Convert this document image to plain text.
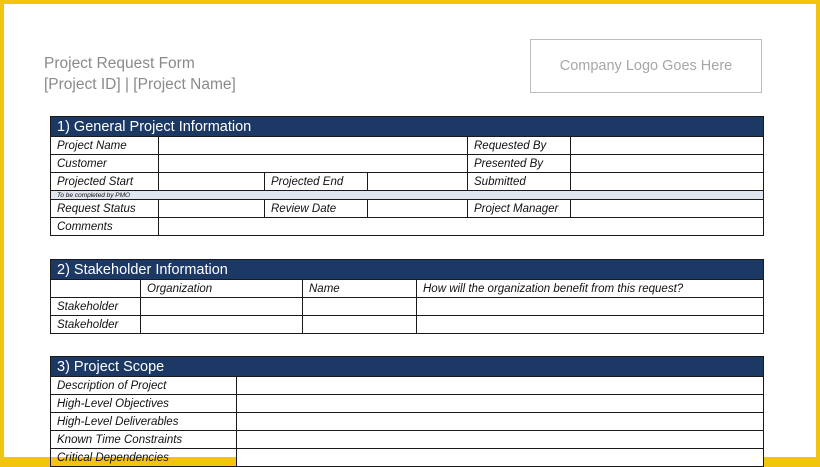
Project Request Form
[Project ID] | [Project Name]
Company Logo Goes Here
1) General Project Information					
Project Name				Requested By	
Customer				Presented By	
Projected Start		Projected End		Submitted	
To be completed by PMO					
Request Status		Review Date		Project Manager	
Comments					
2) Stakeholder Information			
	Organization	Name	How will the organization benefit from this request?
Stakeholder			
Stakeholder			
3) Project Scope	
Description of Project	
High-Level Objectives	
High-Level Deliverables	
Known Time Constraints	
Critical Dependencies	
